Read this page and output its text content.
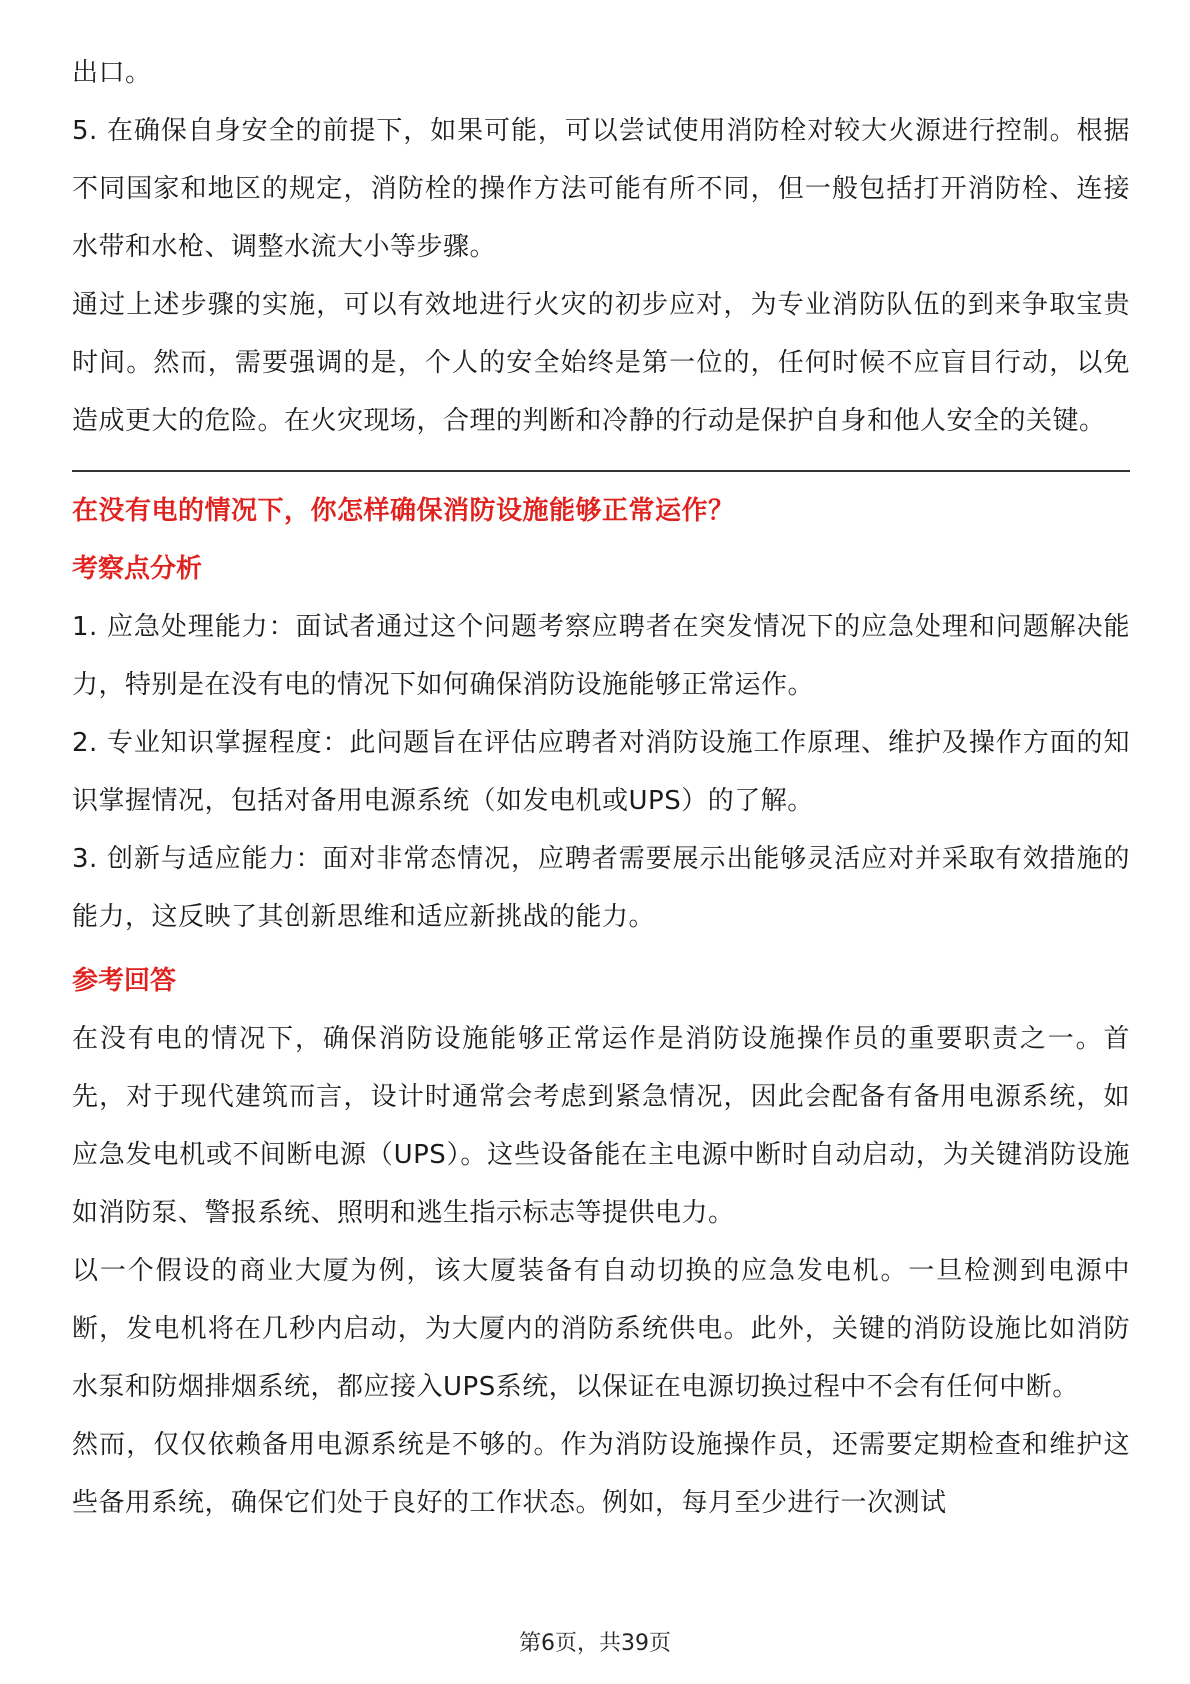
出口。

5. 在确保自身安全的前提下，如果可能，可以尝试使用消防栓对较大火源进行控制。根据不同国家和地区的规定，消防栓的操作方法可能有所不同，但一般包括打开消防栓、连接水带和水枪、调整水流大小等步骤。

通过上述步骤的实施，可以有效地进行火灾的初步应对，为专业消防队伍的到来争取宝贵时间。然而，需要强调的是，个人的安全始终是第一位的，任何时候不应盲目行动，以免造成更大的危险。在火灾现场，合理的判断和冷静的行动是保护自身和他人安全的关键。

在没有电的情况下，你怎样确保消防设施能够正常运作？

考察点分析

1. 应急处理能力：面试者通过这个问题考察应聘者在突发情况下的应急处理和问题解决能力，特别是在没有电的情况下如何确保消防设施能够正常运作。

2. 专业知识掌握程度：此问题旨在评估应聘者对消防设施工作原理、维护及操作方面的知识掌握情况，包括对备用电源系统（如发电机或UPS）的了解。

3. 创新与适应能力：面对非常态情况，应聘者需要展示出能够灵活应对并采取有效措施的能力，这反映了其创新思维和适应新挑战的能力。

参考回答

在没有电的情况下，确保消防设施能够正常运作是消防设施操作员的重要职责之一。首先，对于现代建筑而言，设计时通常会考虑到紧急情况，因此会配备有备用电源系统，如应急发电机或不间断电源（UPS）。这些设备能在主电源中断时自动启动，为关键消防设施如消防泵、警报系统、照明和逃生指示标志等提供电力。

以一个假设的商业大厦为例，该大厦装备有自动切换的应急发电机。一旦检测到电源中断，发电机将在几秒内启动，为大厦内的消防系统供电。此外，关键的消防设施比如消防水泵和防烟排烟系统，都应接入UPS系统，以保证在电源切换过程中不会有任何中断。

然而，仅仅依赖备用电源系统是不够的。作为消防设施操作员，还需要定期检查和维护这些备用系统，确保它们处于良好的工作状态。例如，每月至少进行一次测试

第6页，共39页
